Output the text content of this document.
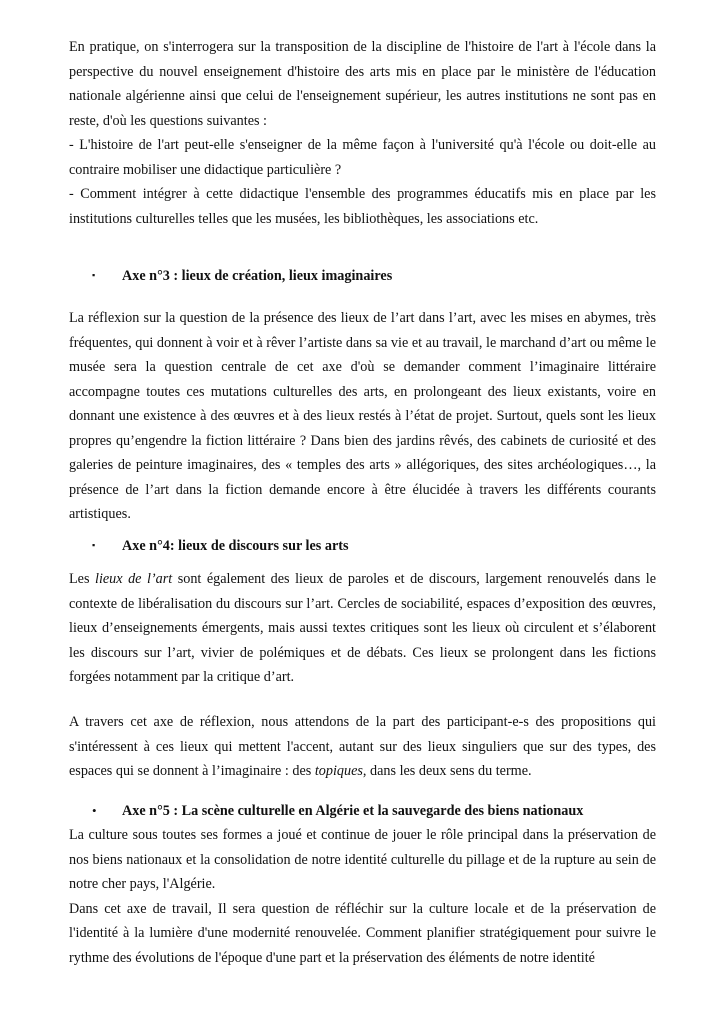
En pratique, on s'interrogera sur la transposition de la discipline de l'histoire de l'art à l'école dans la perspective du nouvel enseignement d'histoire des arts mis en place par le ministère de l'éducation nationale algérienne ainsi que celui de l'enseignement supérieur, les autres institutions ne sont pas en reste, d'où les questions suivantes :
- L'histoire de l'art peut-elle s'enseigner de la même façon à l'université qu'à l'école ou doit-elle au contraire mobiliser une didactique particulière ?
- Comment intégrer à cette didactique l'ensemble des programmes éducatifs mis en place par les institutions culturelles telles que les musées, les bibliothèques, les associations etc.

▪ Axe n°3 : lieux de création, lieux imaginaires

La réflexion sur la question de la présence des lieux de l’art dans l’art, avec les mises en abymes, très fréquentes, qui donnent à voir et à rêver l’artiste dans sa vie et au travail, le marchand d’art ou même le musée sera la question centrale de cet axe d'où se demander comment l’imaginaire littéraire accompagne toutes ces mutations culturelles des arts, en prolongeant des lieux existants, voire en donnant une existence à des œuvres et à des lieux restés à l’état de projet. Surtout, quels sont les lieux propres qu’engendre la fiction littéraire ? Dans bien des jardins rêvés, des cabinets de curiosité et des galeries de peinture imaginaires, des « temples des arts » allégoriques, des sites archéologiques…, la présence de l’art dans la fiction demande encore à être élucidée à travers les différents courants artistiques.

▪ Axe n°4: lieux de discours sur les arts

Les lieux de l’art sont également des lieux de paroles et de discours, largement renouvelés dans le contexte de libéralisation du discours sur l’art. Cercles de sociabilité, espaces d’exposition des œuvres, lieux d’enseignements émergents, mais aussi textes critiques sont les lieux où circulent et s’élaborent les discours sur l’art, vivier de polémiques et de débats. Ces lieux se prolongent dans les fictions forgées notamment par la critique d’art.

A travers cet axe de réflexion, nous attendons de la part des participant-e-s des propositions qui s'intéressent à ces lieux qui mettent l'accent, autant sur des lieux singuliers que sur des types, des espaces qui se donnent à l’imaginaire : des topiques, dans les deux sens du terme.

• Axe n°5 : La scène culturelle en Algérie et la sauvegarde des biens nationaux

La culture sous toutes ses formes a joué et continue de jouer le rôle principal dans la préservation de nos biens nationaux et la consolidation de notre identité culturelle du pillage et de la rupture au sein de notre cher pays, l'Algérie.
Dans cet axe de travail, Il sera question de réfléchir sur la culture locale et de la préservation de l'identité à la lumière d'une modernité renouvelée. Comment planifier stratégiquement pour suivre le rythme des évolutions de l'époque d'une part et la préservation des éléments de notre identité
